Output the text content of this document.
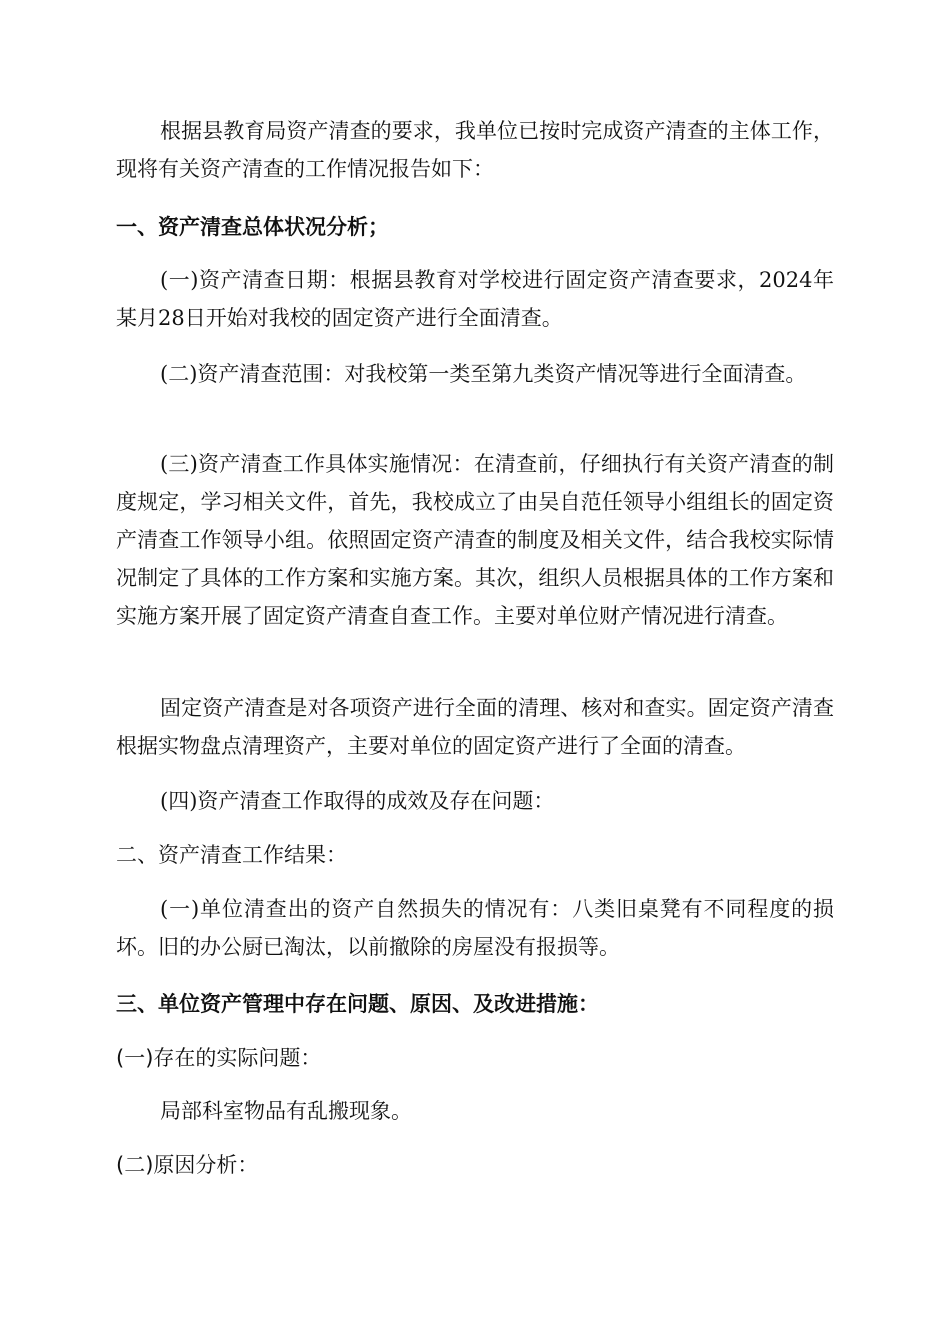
根据县教育局资产清查的要求，我单位已按时完成资产清查的主体工作，现将有关资产清查的工作情况报告如下：

一、资产清查总体状况分析；

(一)资产清查日期：根据县教育对学校进行固定资产清查要求，2024年某月28日开始对我校的固定资产进行全面清查。

(二)资产清查范围：对我校第一类至第九类资产情况等进行全面清查。

(三)资产清查工作具体实施情况：在清查前，仔细执行有关资产清查的制度规定，学习相关文件，首先，我校成立了由吴自范任领导小组组长的固定资产清查工作领导小组。依照固定资产清查的制度及相关文件，结合我校实际情况制定了具体的工作方案和实施方案。其次，组织人员根据具体的工作方案和实施方案开展了固定资产清查自查工作。主要对单位财产情况进行清查。

固定资产清查是对各项资产进行全面的清理、核对和查实。固定资产清查根据实物盘点清理资产，主要对单位的固定资产进行了全面的清查。

(四)资产清查工作取得的成效及存在问题：

二、资产清查工作结果：

(一)单位清查出的资产自然损失的情况有：八类旧桌凳有不同程度的损坏。旧的办公厨已淘汰，以前撤除的房屋没有报损等。

三、单位资产管理中存在问题、原因、及改进措施：

(一)存在的实际问题：

局部科室物品有乱搬现象。

(二)原因分析：
